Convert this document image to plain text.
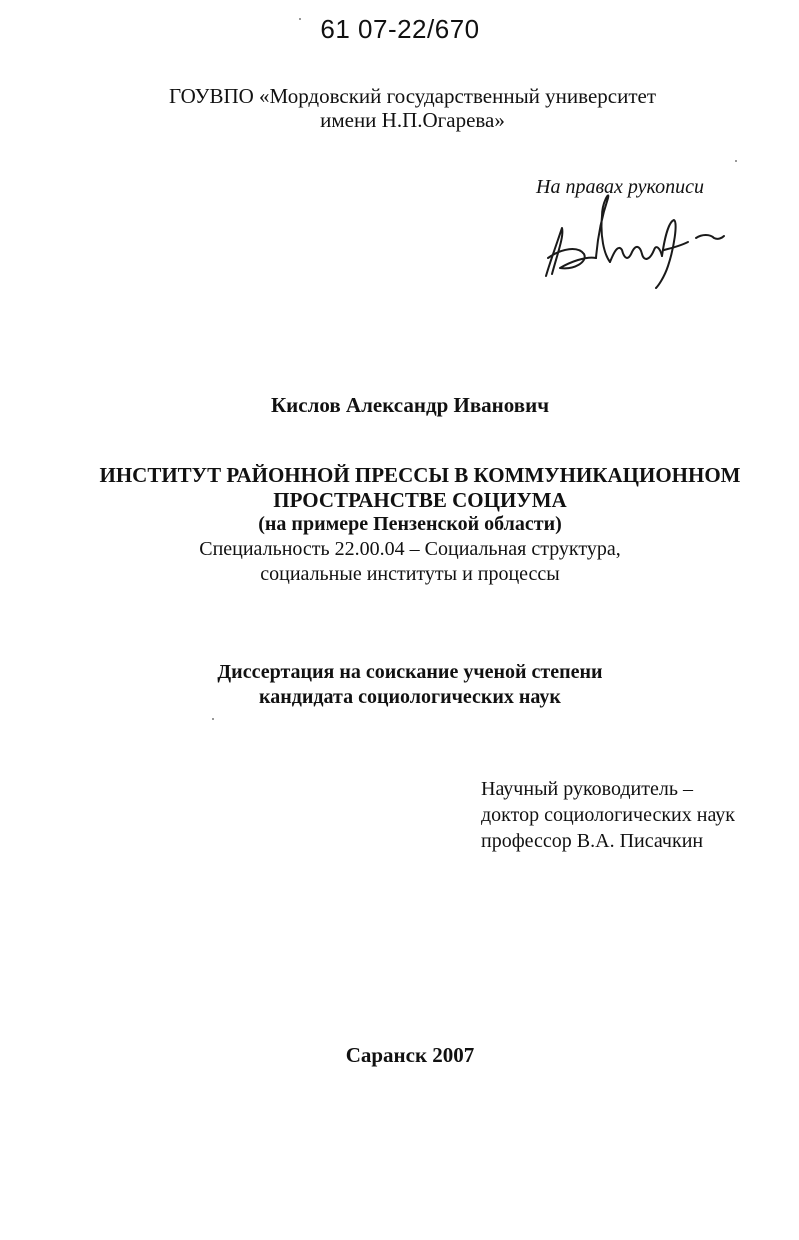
61 07-22/670
ГОУВПО «Мордовский государственный университет
имени Н.П.Огарева»
На правах рукописи
Кислов Александр Иванович
ИНСТИТУТ РАЙОННОЙ ПРЕССЫ В КОММУНИКАЦИОННОМ
ПРОСТРАНСТВЕ СОЦИУМА
(на примере Пензенской области)
Специальность 22.00.04 – Социальная структура,
социальные институты и процессы
Диссертация на соискание ученой степени
кандидата социологических наук
Научный руководитель –
доктор социологических наук
профессор В.А. Писачкин
Саранск 2007
